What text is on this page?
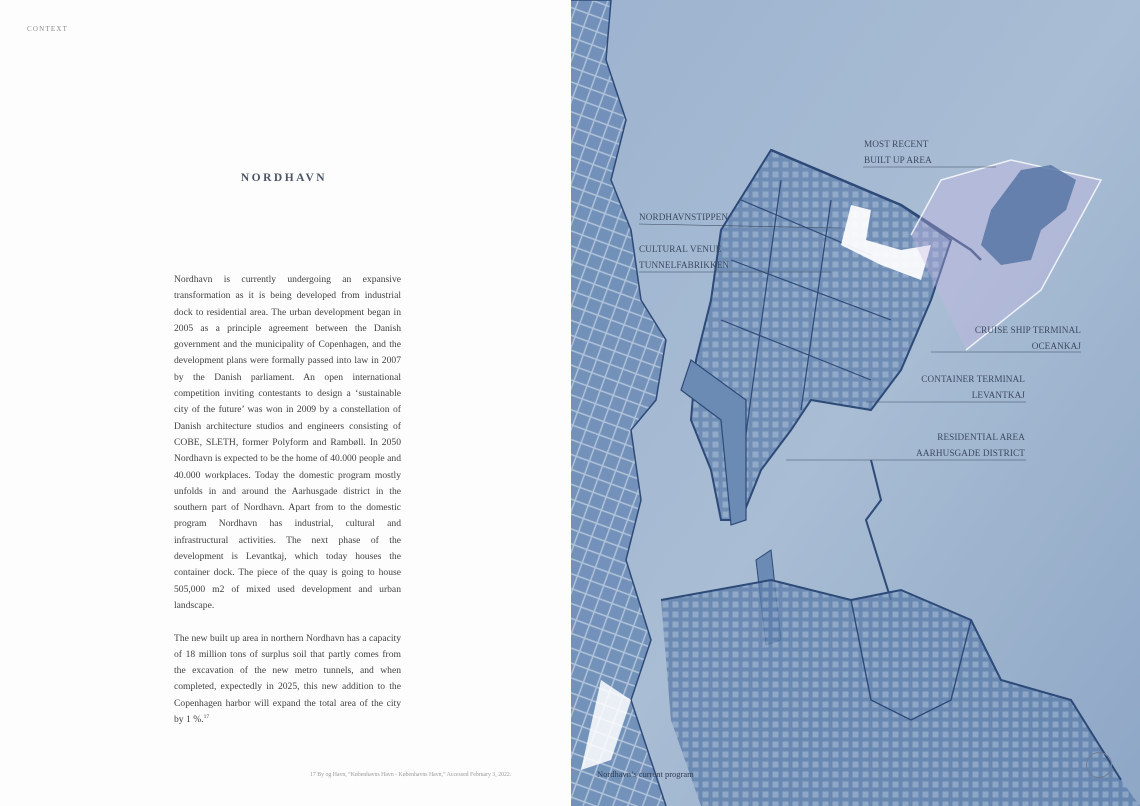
CONTEXT
NORDHAVN

Nordhavn is currently undergoing an expansive transformation as it is being developed from industrial dock to residential area. The urban development began in 2005 as a principle agreement between the Danish government and the municipality of Copenhagen, and the development plans were formally passed into law in 2007 by the Danish parliament. An open international competition inviting contestants to design a ‘sustainable city of the future’ was won in 2009 by a constellation of Danish architecture studios and engineers consisting of COBE, SLETH, former Polyform and Rambøll. In 2050 Nordhavn is expected to be the home of 40.000 people and 40.000 workplaces. Today the domestic program mostly unfolds in and around the Aarhusgade district in the southern part of Nordhavn. Apart from to the domestic program Nordhavn has industrial, cultural and infrastructural activities. The next phase of the development is Levantkaj, which today houses the container dock. The piece of the quay is going to house 505,000 m2 of mixed used development and urban landscape.

The new built up area in northern Nordhavn has a capacity of 18 million tons of surplus soil that partly comes from the excavation of the new metro tunnels, and when completed, expectedly in 2025, this new addition to the Copenhagen harbor will expand the total area of the city by 1 %.$^{17}$

17 By og Havn, “Københavns Havn - Københavns Havn,” Accessed February 3, 2022.
MOST RECENT
BUILT UP AREA
NORDHAVNSTIPPEN
CULTURAL VENUE
TUNNELFABRIKKEN
CRUISE SHIP TERMINAL
OCEANKAJ
CONTAINER TERMINAL
LEVANTKAJ
RESIDENTIAL AREA
AARHUSGADE DISTRICT
Nordhavn’s current program
